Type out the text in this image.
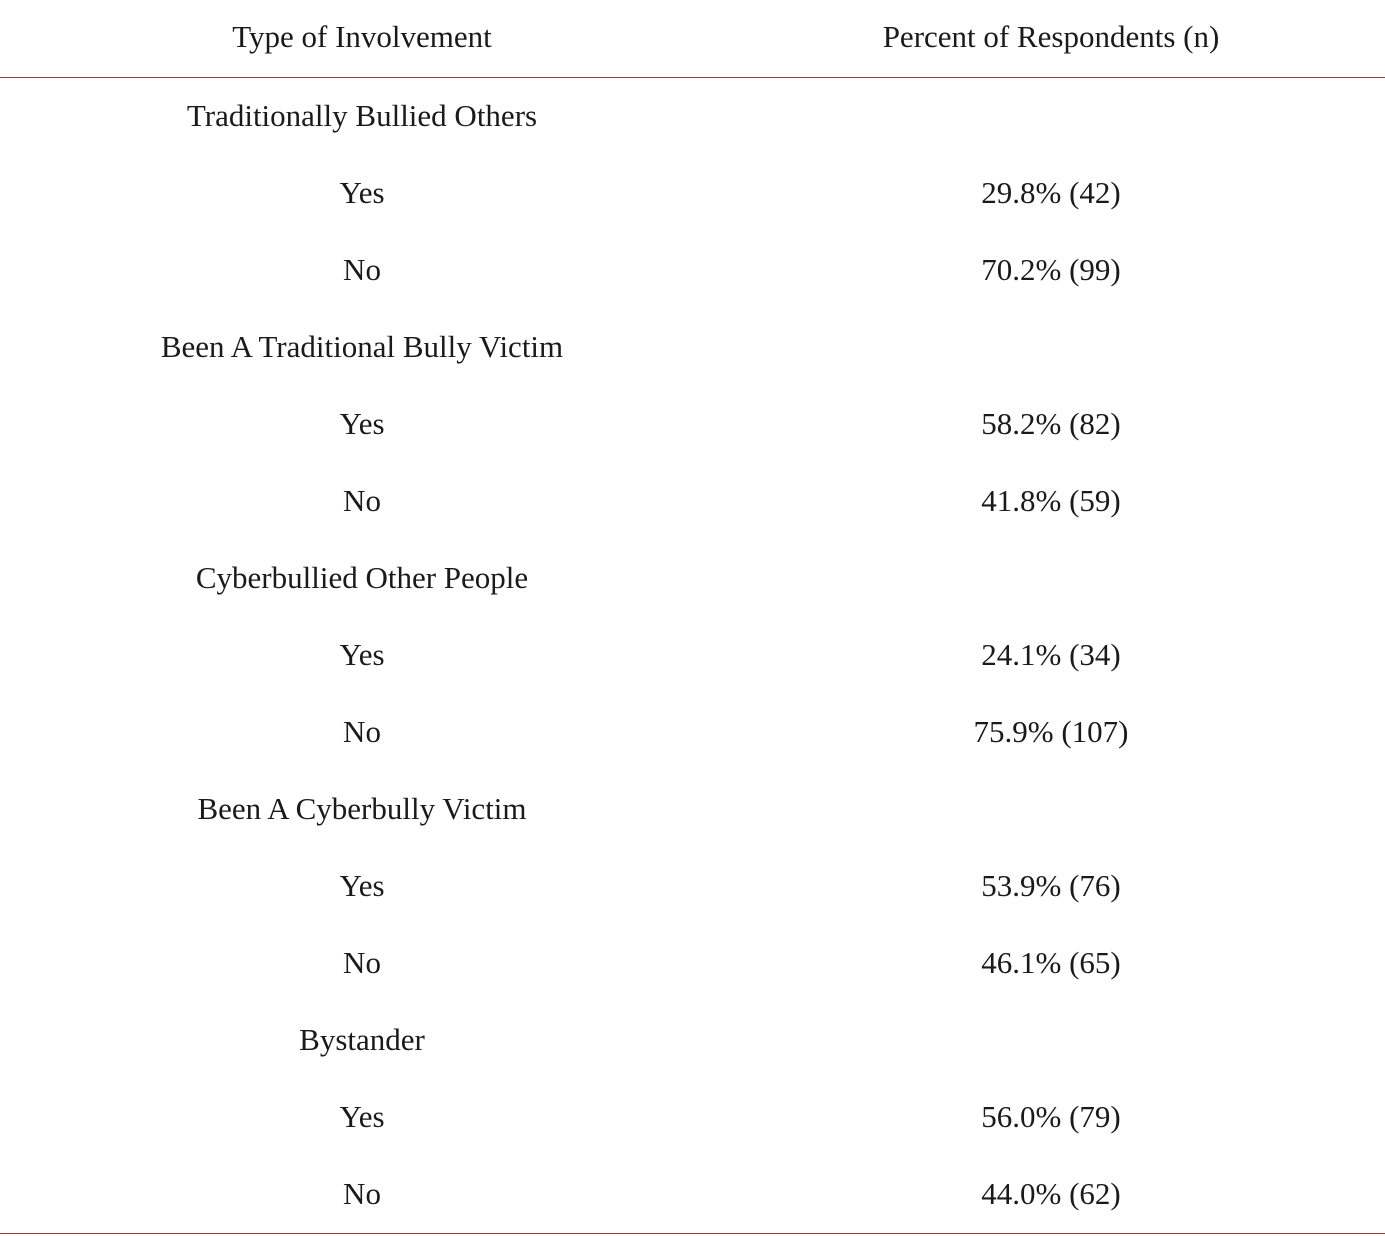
Type of Involvement	Percent of Respondents (n)
Traditionally Bullied Others
Yes	29.8% (42)
No	70.2% (99)
Been A Traditional Bully Victim
Yes	58.2% (82)
No	41.8% (59)
Cyberbullied Other People
Yes	24.1% (34)
No	75.9% (107)
Been A Cyberbully Victim
Yes	53.9% (76)
No	46.1% (65)
Bystander
Yes	56.0% (79)
No	44.0% (62)
